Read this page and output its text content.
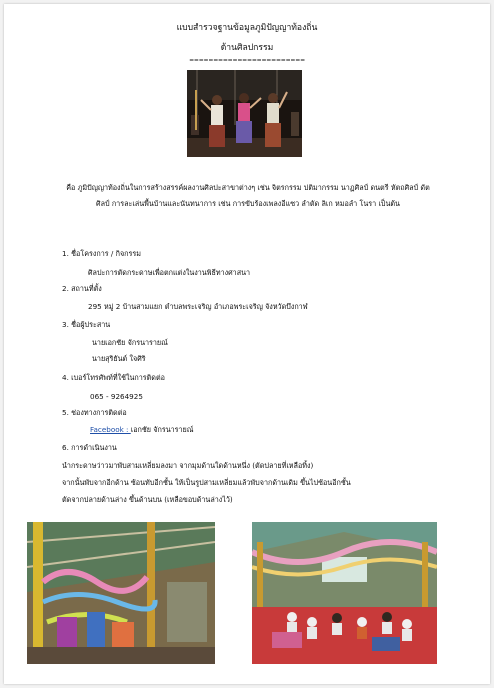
แบบสำรวจฐานข้อมูลภูมิปัญญาท้องถิ่น
ด้านศิลปกรรม
========================
คือ ภูมิปัญญาท้องถิ่นในการสร้างสรรค์ผลงานศิลปะสาขาต่างๆ เช่น จิตรกรรม ปติมากรรม นาฏศิลป์ ดนตรี หัตถศิลป์ ดัตศิลป์ การละเล่นพื้นบ้านและนันทนาการ เช่น การขับร้องเพลงอีแซว ลำตัด ลิเก หมอลำ โนรา เป็นต้น
1. ชื่อโครงการ / กิจกรรม
ศิลปะการตัดกระดาษเพื่อตกแต่งในงานพิธีทางศาสนา
2. สถานที่ตั้ง
295 หมู่ 2 บ้านสามแยก ตำบลพระเจริญ อำเภอพระเจริญ จังหวัดบึงกาฬ
3. ชื่อผู้ประสาน
นายเอกชัย จักรนารายณ์
นายสุริยันต์ ใจศิริ
4. เบอร์โทรศัพท์ที่ใช้ในการติดต่อ
065 - 9264925
5. ช่องทางการติดต่อ
Facebook : เอกชัย จักรนารายณ์
6. การดำเนินงาน
นำกระดาษว่าวมาพับสามเหลี่ยมลงมา จากมุมด้านใดด้านหนึ่ง (ตัดปลายที่เหลือทิ้ง)
จากนั้นพับจากอีกด้าน ซ้อนทับอีกชั้น ให้เป็นรูปสามเหลี่ยมแล้วพับจากด้านเดิม ขึ้นไปซ้อนอีกชั้น
ตัดจากปลายด้านล่าง ขึ้นด้านบน (เหลือขอบด้านล่างไว้)
